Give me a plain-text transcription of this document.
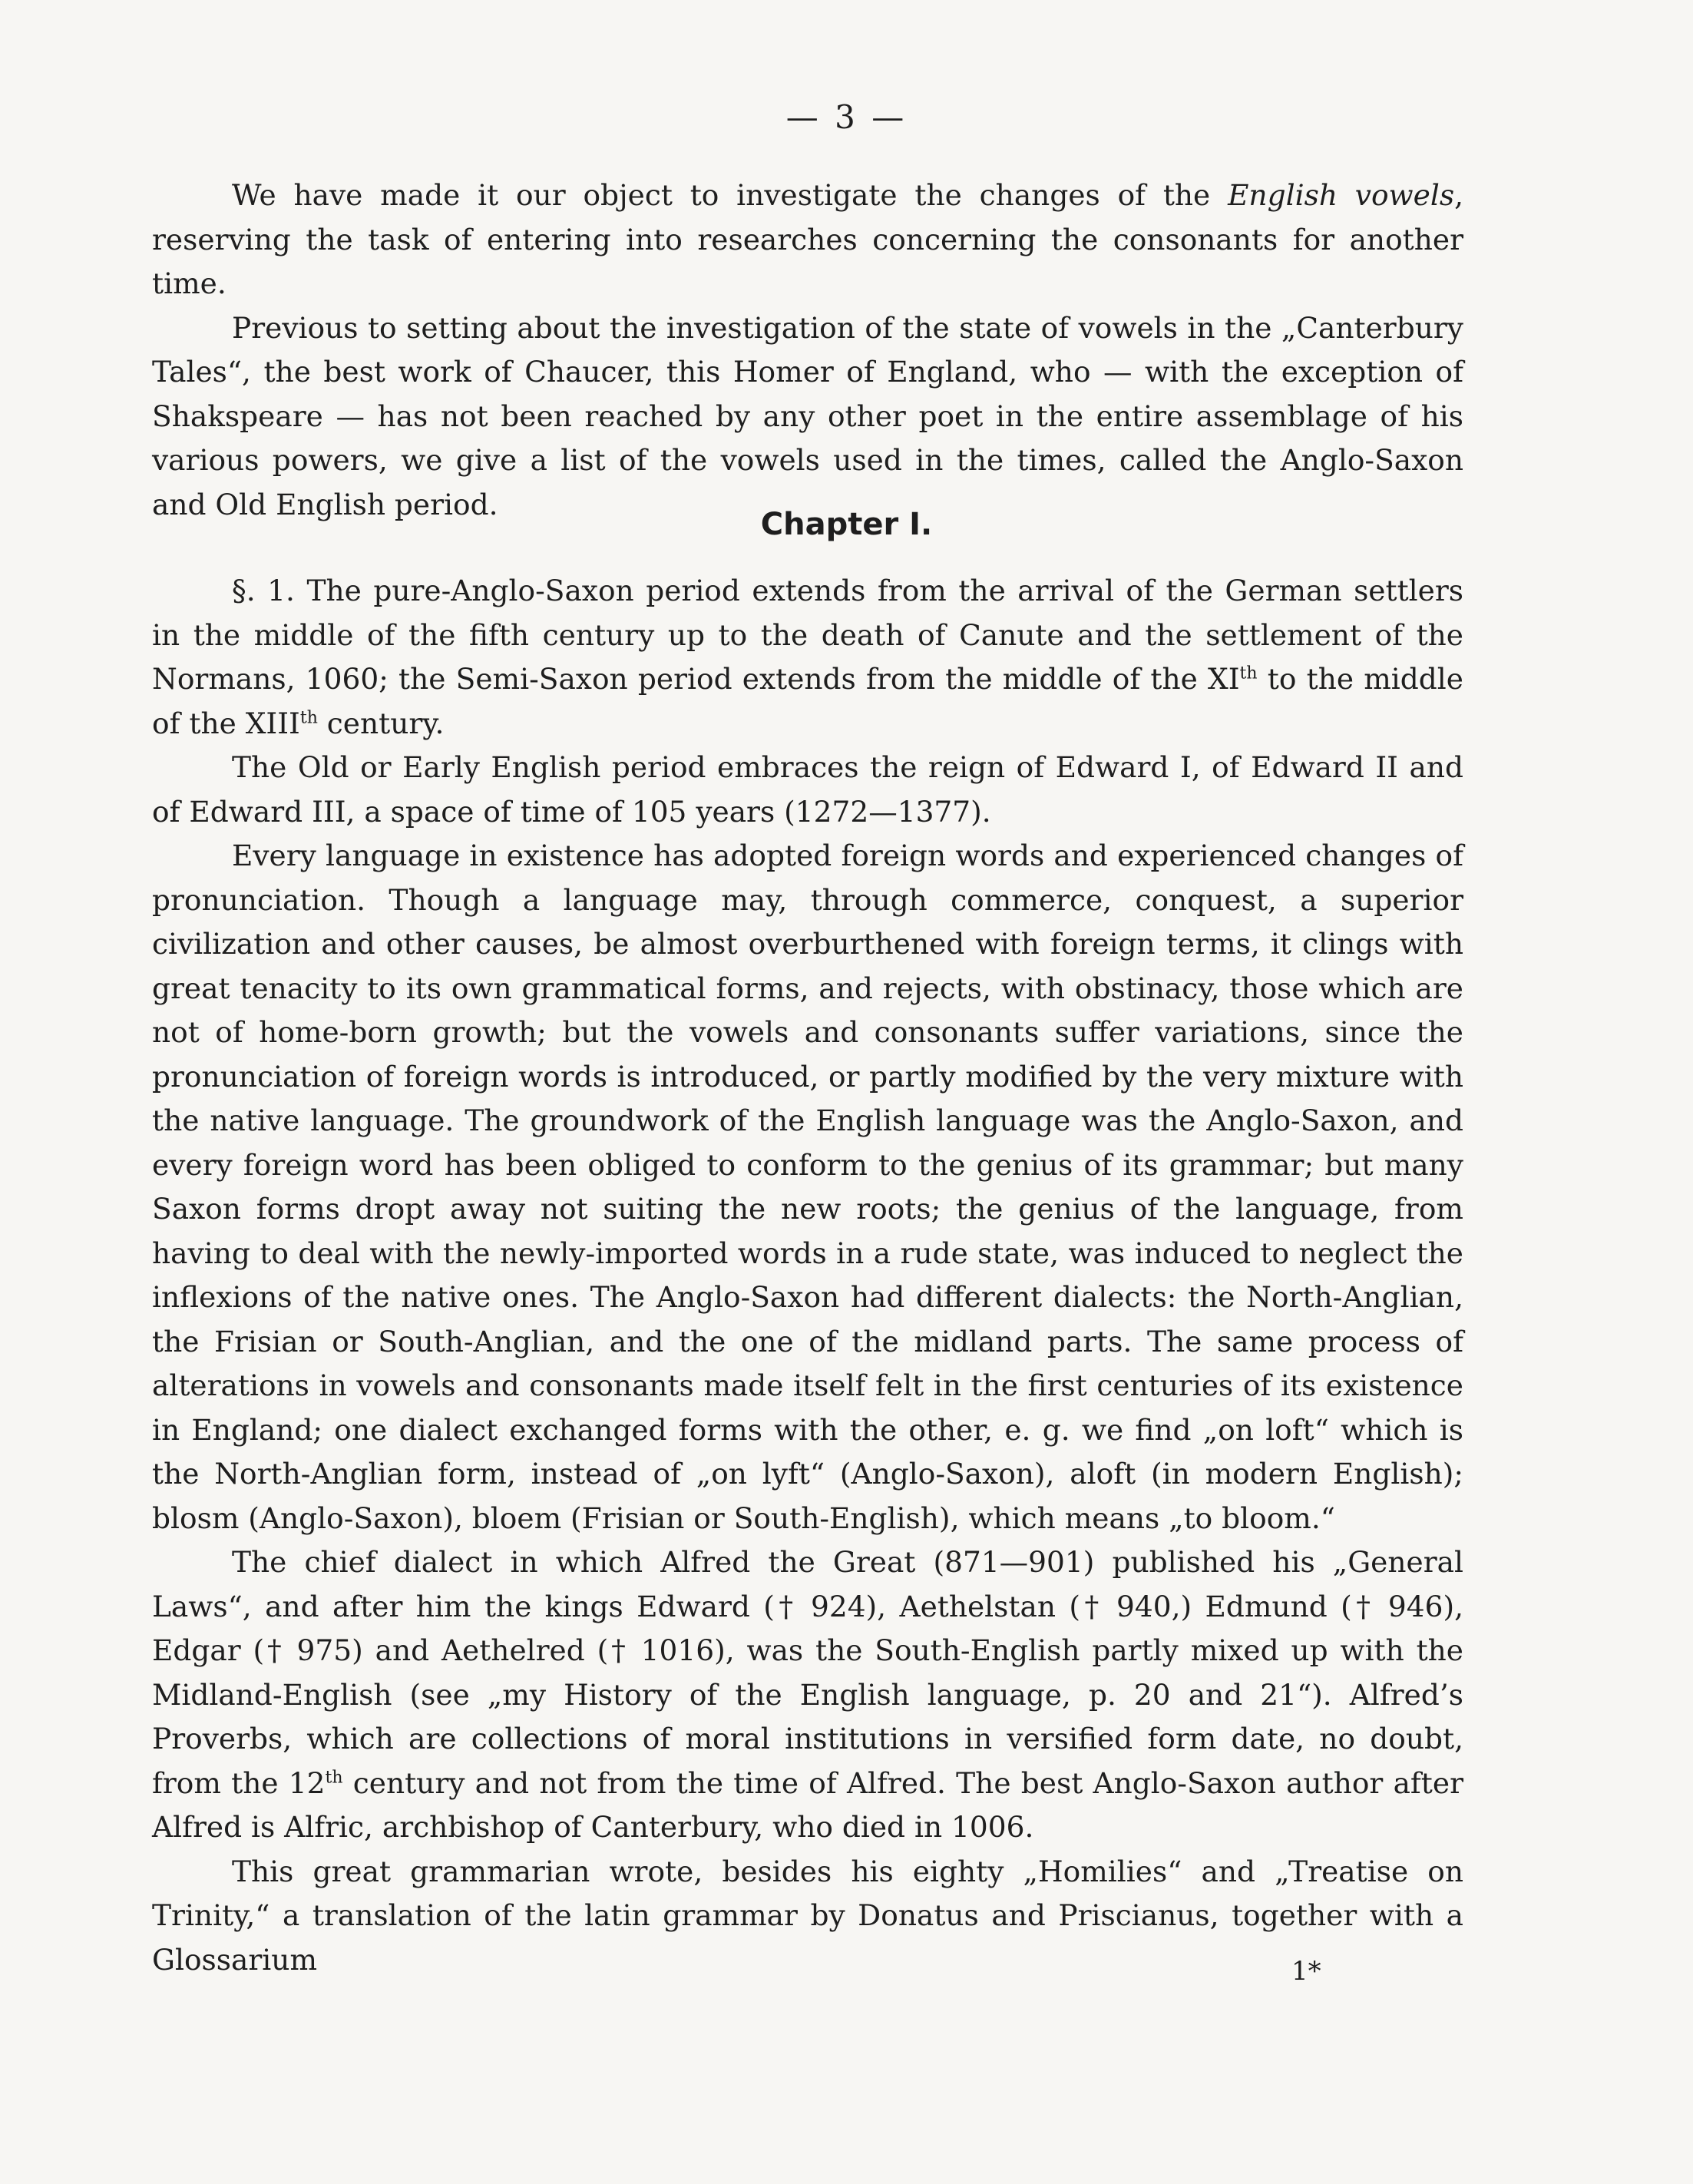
— 3 —

We have made it our object to investigate the changes of the English vowels, reserving the task of entering into researches concerning the consonants for another time.

Previous to setting about the investigation of the state of vowels in the „Canterbury Tales“, the best work of Chaucer, this Homer of England, who — with the exception of Shakspeare — has not been reached by any other poet in the entire assemblage of his various powers, we give a list of the vowels used in the times, called the Anglo-Saxon and Old English period.

Chapter I.

§. 1. The pure-Anglo-Saxon period extends from the arrival of the German settlers in the middle of the fifth century up to the death of Canute and the settlement of the Normans, 1060; the Semi-Saxon period extends from the middle of the XIth to the middle of the XIIIth century.

The Old or Early English period embraces the reign of Edward I, of Edward II and of Edward III, a space of time of 105 years (1272—1377).

Every language in existence has adopted foreign words and experienced changes of pronunciation. Though a language may, through commerce, conquest, a superior civilization and other causes, be almost overburthened with foreign terms, it clings with great tenacity to its own grammatical forms, and rejects, with obstinacy, those which are not of home-born growth; but the vowels and consonants suffer variations, since the pronunciation of foreign words is introduced, or partly modified by the very mixture with the native language. The groundwork of the English language was the Anglo-Saxon, and every foreign word has been obliged to conform to the genius of its grammar; but many Saxon forms dropt away not suiting the new roots; the genius of the language, from having to deal with the newly-imported words in a rude state, was induced to neglect the inflexions of the native ones. The Anglo-Saxon had different dialects: the North-Anglian, the Frisian or South-Anglian, and the one of the midland parts. The same process of alterations in vowels and consonants made itself felt in the first centuries of its existence in England; one dialect exchanged forms with the other, e. g. we find „on loft“ which is the North-Anglian form, instead of „on lyft“ (Anglo-Saxon), aloft (in modern English); blosm (Anglo-Saxon), bloem (Frisian or South-English), which means „to bloom.“

The chief dialect in which Alfred the Great (871—901) published his „General Laws“, and after him the kings Edward († 924), Aethelstan († 940,) Edmund († 946), Edgar († 975) and Aethelred († 1016), was the South-English partly mixed up with the Midland-English (see „my History of the English language, p. 20 and 21“). Alfred’s Proverbs, which are collections of moral institutions in versified form date, no doubt, from the 12th century and not from the time of Alfred. The best Anglo-Saxon author after Alfred is Alfric, archbishop of Canterbury, who died in 1006.

This great grammarian wrote, besides his eighty „Homilies“ and „Treatise on Trinity,“ a translation of the latin grammar by Donatus and Priscianus, together with a Glossarium	1*
